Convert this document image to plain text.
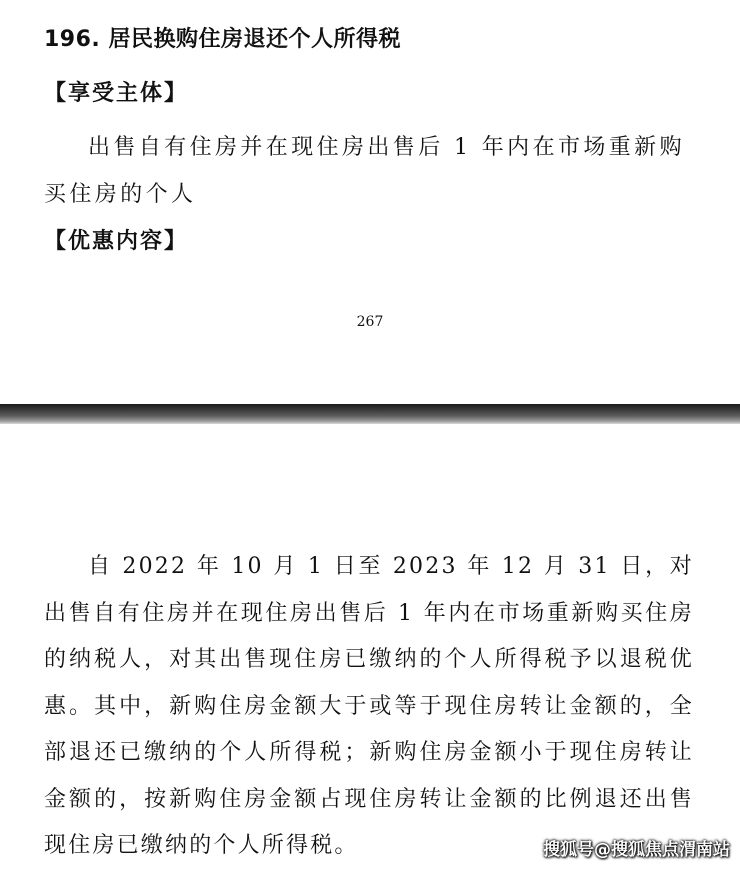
196. 居民换购住房退还个人所得税
【享受主体】

出售自有住房并在现住房出售后 1 年内在市场重新购买住房的个人

【优惠内容】
267

自 2022 年 10 月 1 日至 2023 年 12 月 31 日，对出售自有住房并在现住房出售后 1 年内在市场重新购买住房的纳税人，对其出售现住房已缴纳的个人所得税予以退税优惠。其中，新购住房金额大于或等于现住房转让金额的，全部退还已缴纳的个人所得税；新购住房金额小于现住房转让金额的，按新购住房金额占现住房转让金额的比例退还出售现住房已缴纳的个人所得税。	搜狐号@搜狐焦点渭南站
